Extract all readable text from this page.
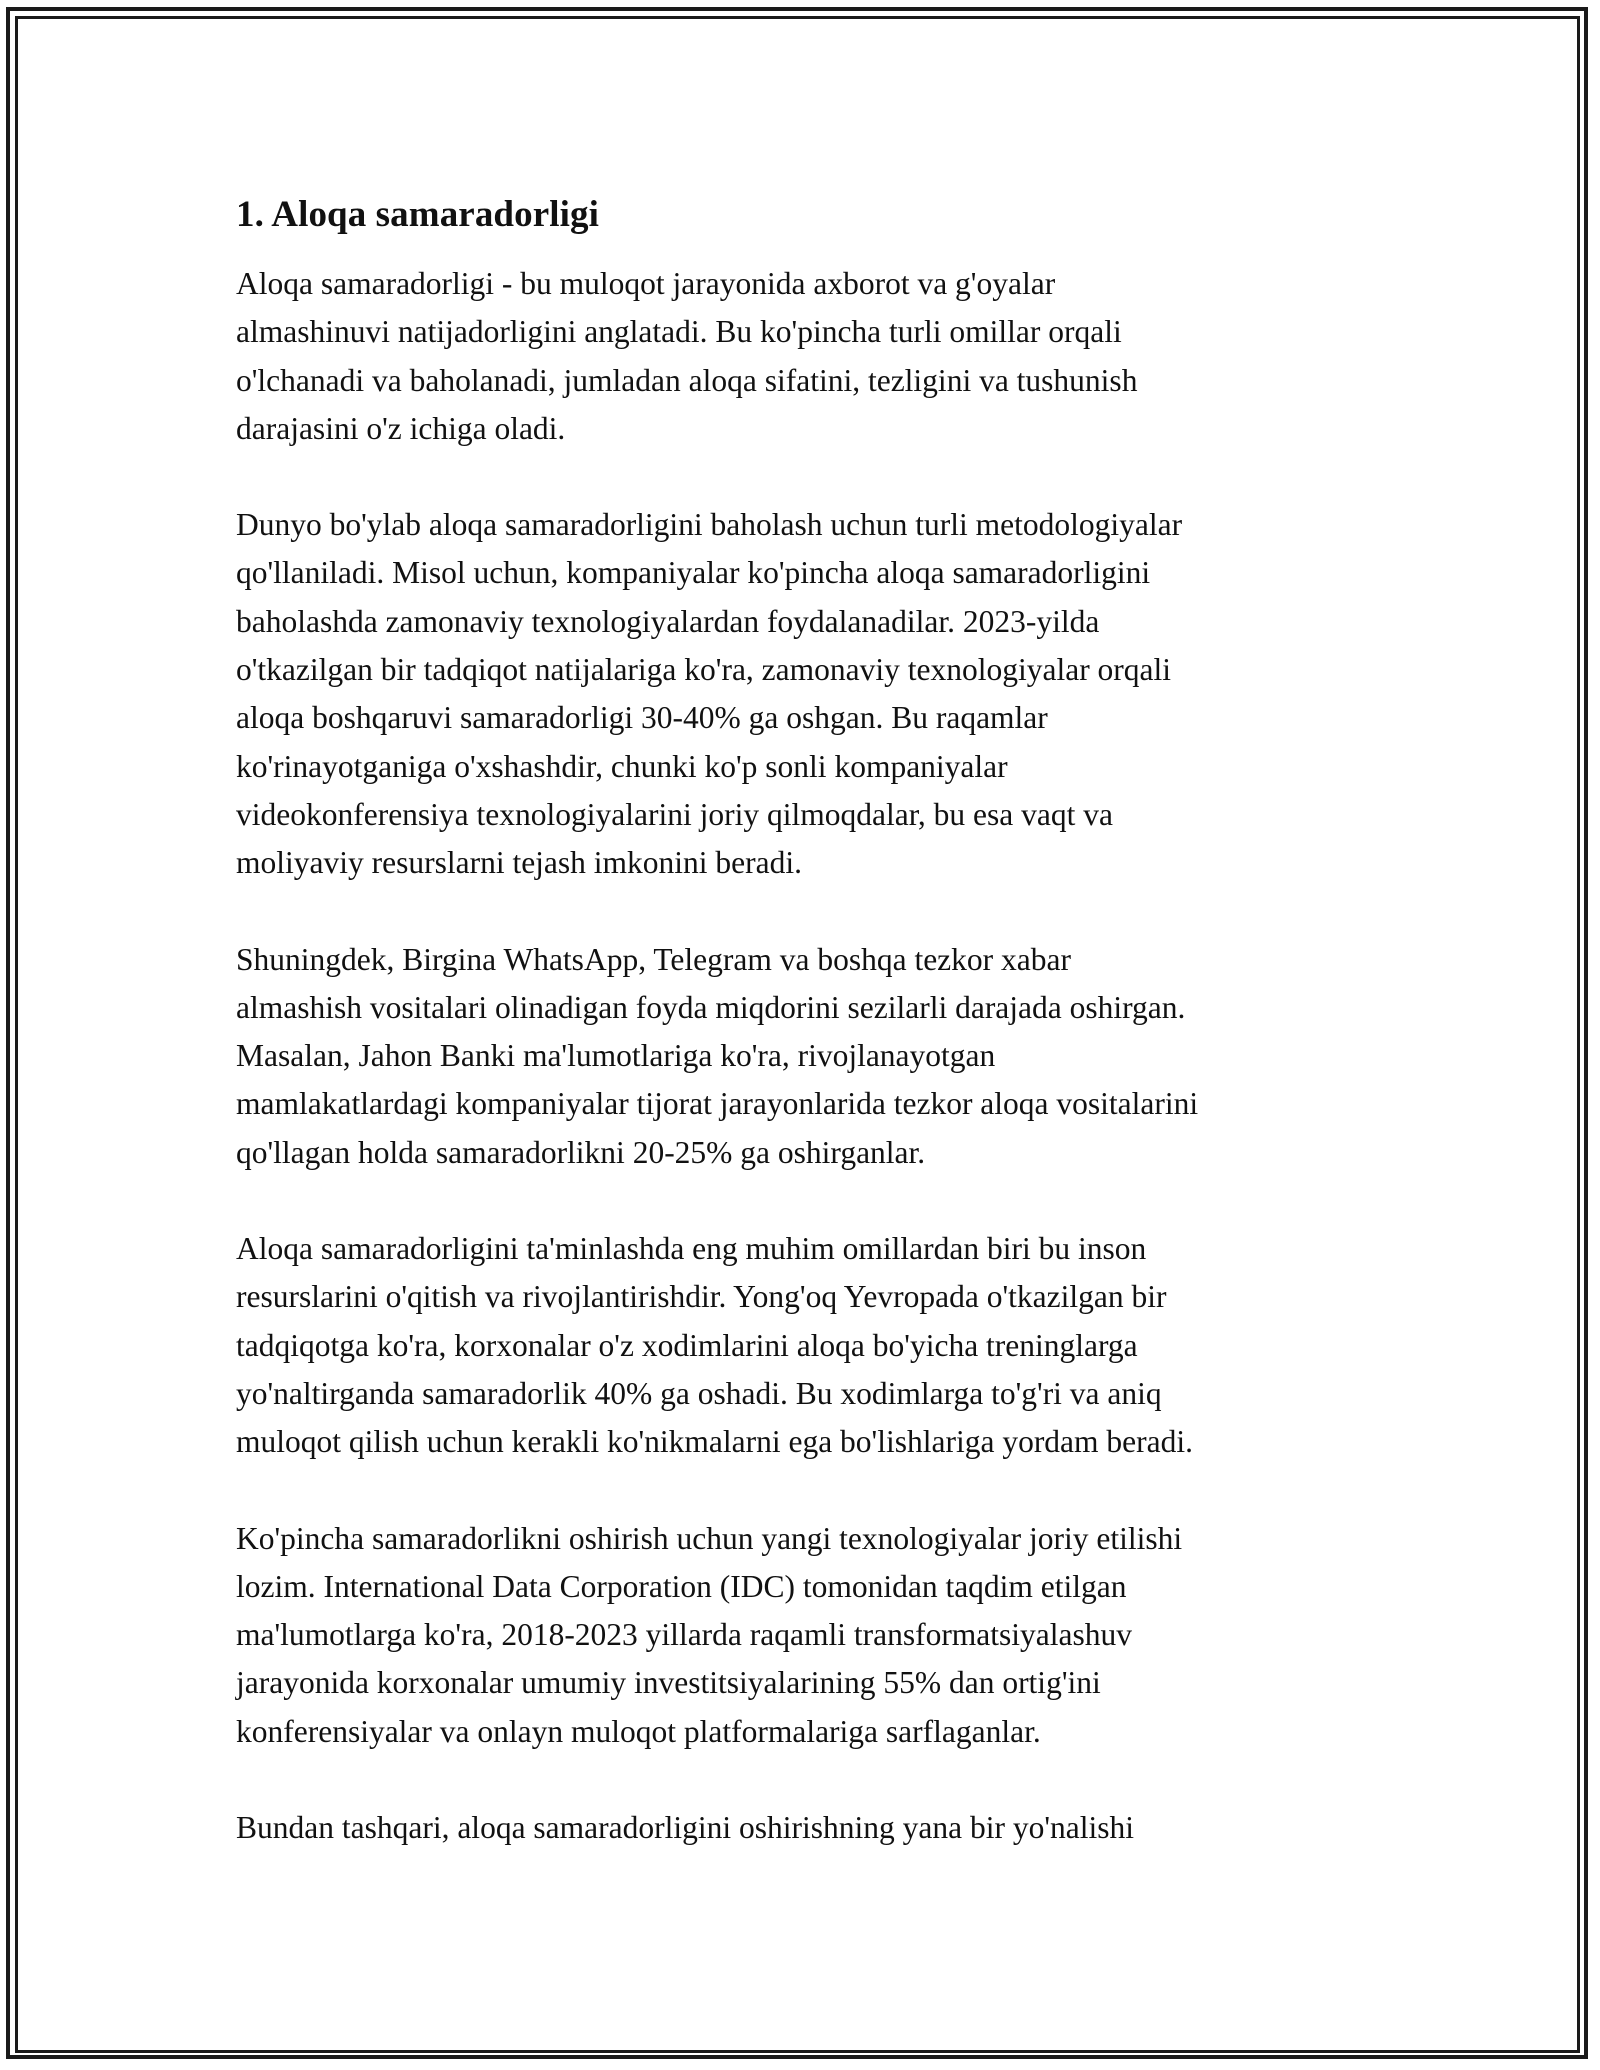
1. Aloqa samaradorligi

Aloqa samaradorligi - bu muloqot jarayonida axborot va g'oyalar
almashinuvi natijadorligini anglatadi. Bu ko'pincha turli omillar orqali
o'lchanadi va baholanadi, jumladan aloqa sifatini, tezligini va tushunish
darajasini o'z ichiga oladi.

Dunyo bo'ylab aloqa samaradorligini baholash uchun turli metodologiyalar
qo'llaniladi. Misol uchun, kompaniyalar ko'pincha aloqa samaradorligini
baholashda zamonaviy texnologiyalardan foydalanadilar. 2023-yilda
o'tkazilgan bir tadqiqot natijalariga ko'ra, zamonaviy texnologiyalar orqali
aloqa boshqaruvi samaradorligi 30-40% ga oshgan. Bu raqamlar
ko'rinayotganiga o'xshashdir, chunki ko'p sonli kompaniyalar
videokonferensiya texnologiyalarini joriy qilmoqdalar, bu esa vaqt va
moliyaviy resurslarni tejash imkonini beradi.

Shuningdek, Birgina WhatsApp, Telegram va boshqa tezkor xabar
almashish vositalari olinadigan foyda miqdorini sezilarli darajada oshirgan.
Masalan, Jahon Banki ma'lumotlariga ko'ra, rivojlanayotgan
mamlakatlardagi kompaniyalar tijorat jarayonlarida tezkor aloqa vositalarini
qo'llagan holda samaradorlikni 20-25% ga oshirganlar.

Aloqa samaradorligini ta'minlashda eng muhim omillardan biri bu inson
resurslarini o'qitish va rivojlantirishdir. Yong'oq Yevropada o'tkazilgan bir
tadqiqotga ko'ra, korxonalar o'z xodimlarini aloqa bo'yicha treninglarga
yo'naltirganda samaradorlik 40% ga oshadi. Bu xodimlarga to'g'ri va aniq
muloqot qilish uchun kerakli ko'nikmalarni ega bo'lishlariga yordam beradi.

Ko'pincha samaradorlikni oshirish uchun yangi texnologiyalar joriy etilishi
lozim. International Data Corporation (IDC) tomonidan taqdim etilgan
ma'lumotlarga ko'ra, 2018-2023 yillarda raqamli transformatsiyalashuv
jarayonida korxonalar umumiy investitsiyalarining 55% dan ortig'ini
konferensiyalar va onlayn muloqot platformalariga sarflaganlar.

Bundan tashqari, aloqa samaradorligini oshirishning yana bir yo'nalishi
